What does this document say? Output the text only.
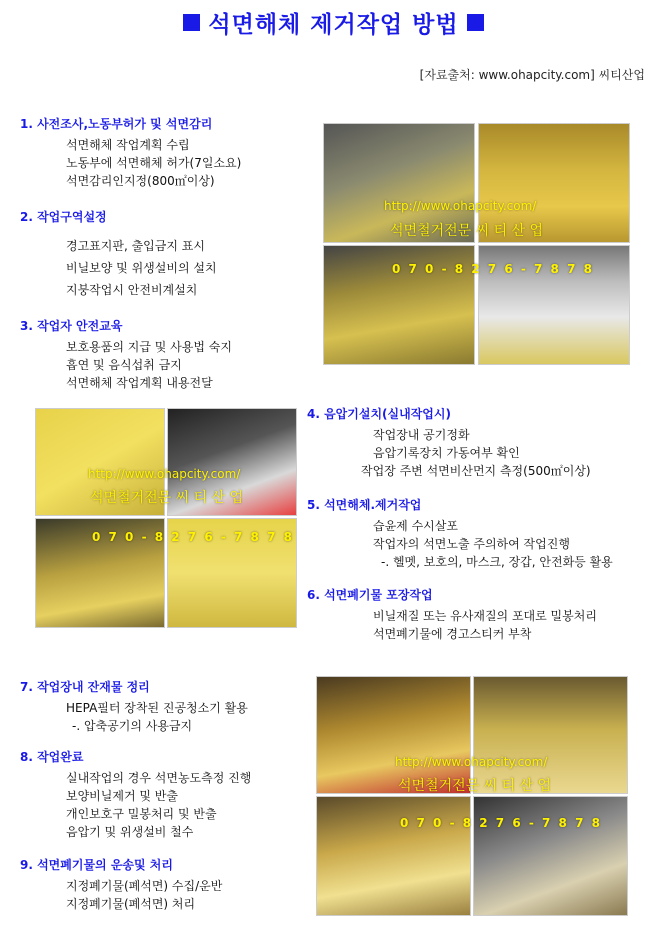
석면해체 제거작업 방법
[자료출처: www.ohapcity.com] 씨티산업
1. 사전조사,노동부허가 및 석면감리
석면해체 작업계획 수립
노동부에 석면해체 허가(7일소요)
석면감리인지정(800㎡이상)
2. 작업구역설정
경고표지판, 출입금지 표시
비닐보양 및 위생설비의 설치
지붕작업시 안전비계설치
3. 작업자 안전교육
보호용품의 지급 및 사용법 숙지
흡연 및 음식섭취 금지
석면해체 작업계획 내용전달
4. 음압기설치(실내작업시)
작업장내 공기정화
음압기록장치 가동여부 확인
작업장 주변 석면비산먼지 측정(500㎡이상)
5. 석면해체.제거작업
습윤제 수시살포
작업자의 석면노출 주의하여 작업진행
-. 헬멧, 보호의, 마스크, 장갑, 안전화등 활용
6. 석면폐기물 포장작업
비닐재질 또는 유사재질의 포대로 밀봉처리
석면폐기물에 경고스티커 부착
7. 작업장내 잔재물 정리
HEPA필터 장착된 진공청소기 활용
-. 압축공기의 사용금지
8. 작업완료
실내작업의 경우 석면농도측정 진행
보양비닐제거 및 반출
개인보호구 밀봉처리 및 반출
음압기 및 위생설비 철수
9. 석면폐기물의 운송및 처리
지정폐기물(폐석면) 수집/운반
지정폐기물(폐석면) 처리
http://www.ohapcity.com/
석면철거전문 씨 티 산 업
0 7 0 - 8 2 7 6 - 7 8 7 8
http://www.ohapcity.com/
석면철거전문 씨 티 산 업
0 7 0 - 8 2 7 6 - 7 8 7 8
http://www.ohapcity.com/
석면철거전문 씨 티 산 업
0 7 0 - 8 2 7 6 - 7 8 7 8
